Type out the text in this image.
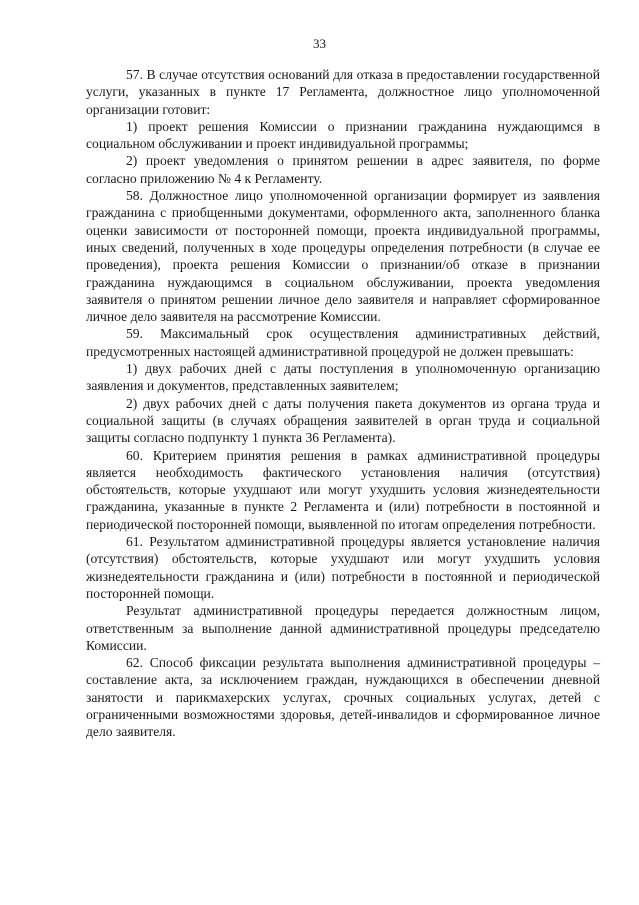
33

57. В случае отсутствия оснований для отказа в предоставлении государственной услуги, указанных в пункте 17 Регламента, должностное лицо уполномоченной организации готовит:

1) проект решения Комиссии о признании гражданина нуждающимся в социальном обслуживании и проект индивидуальной программы;

2) проект уведомления о принятом решении в адрес заявителя, по форме согласно приложению № 4 к Регламенту.

58. Должностное лицо уполномоченной организации формирует из заявления гражданина с приобщенными документами, оформленного акта, заполненного бланка оценки зависимости от посторонней помощи, проекта индивидуальной программы, иных сведений, полученных в ходе процедуры определения потребности (в случае ее проведения), проекта решения Комиссии о признании/об отказе в признании гражданина нуждающимся в социальном обслуживании, проекта уведомления заявителя о принятом решении личное дело заявителя и направляет сформированное личное дело заявителя на рассмотрение Комиссии.

59. Максимальный срок осуществления административных действий, предусмотренных настоящей административной процедурой не должен превышать:

1) двух рабочих дней с даты поступления в уполномоченную организацию заявления и документов, представленных заявителем;

2) двух рабочих дней с даты получения пакета документов из органа труда и социальной защиты (в случаях обращения заявителей в орган труда и социальной защиты согласно подпункту 1 пункта 36 Регламента).

60. Критерием принятия решения в рамках административной процедуры является необходимость фактического установления наличия (отсутствия) обстоятельств, которые ухудшают или могут ухудшить условия жизнедеятельности гражданина, указанные в пункте 2 Регламента и (или) потребности в постоянной и периодической посторонней помощи, выявленной по итогам определения потребности.

61. Результатом административной процедуры является установление наличия (отсутствия) обстоятельств, которые ухудшают или могут ухудшить условия жизнедеятельности гражданина и (или) потребности в постоянной и периодической посторонней помощи.

Результат административной процедуры передается должностным лицом, ответственным за выполнение данной административной процедуры председателю Комиссии.

62. Способ фиксации результата выполнения административной процедуры – составление акта, за исключением граждан, нуждающихся в обеспечении дневной занятости и парикмахерских услугах, срочных социальных услугах, детей с ограниченными возможностями здоровья, детей-инвалидов и сформированное личное дело заявителя.
